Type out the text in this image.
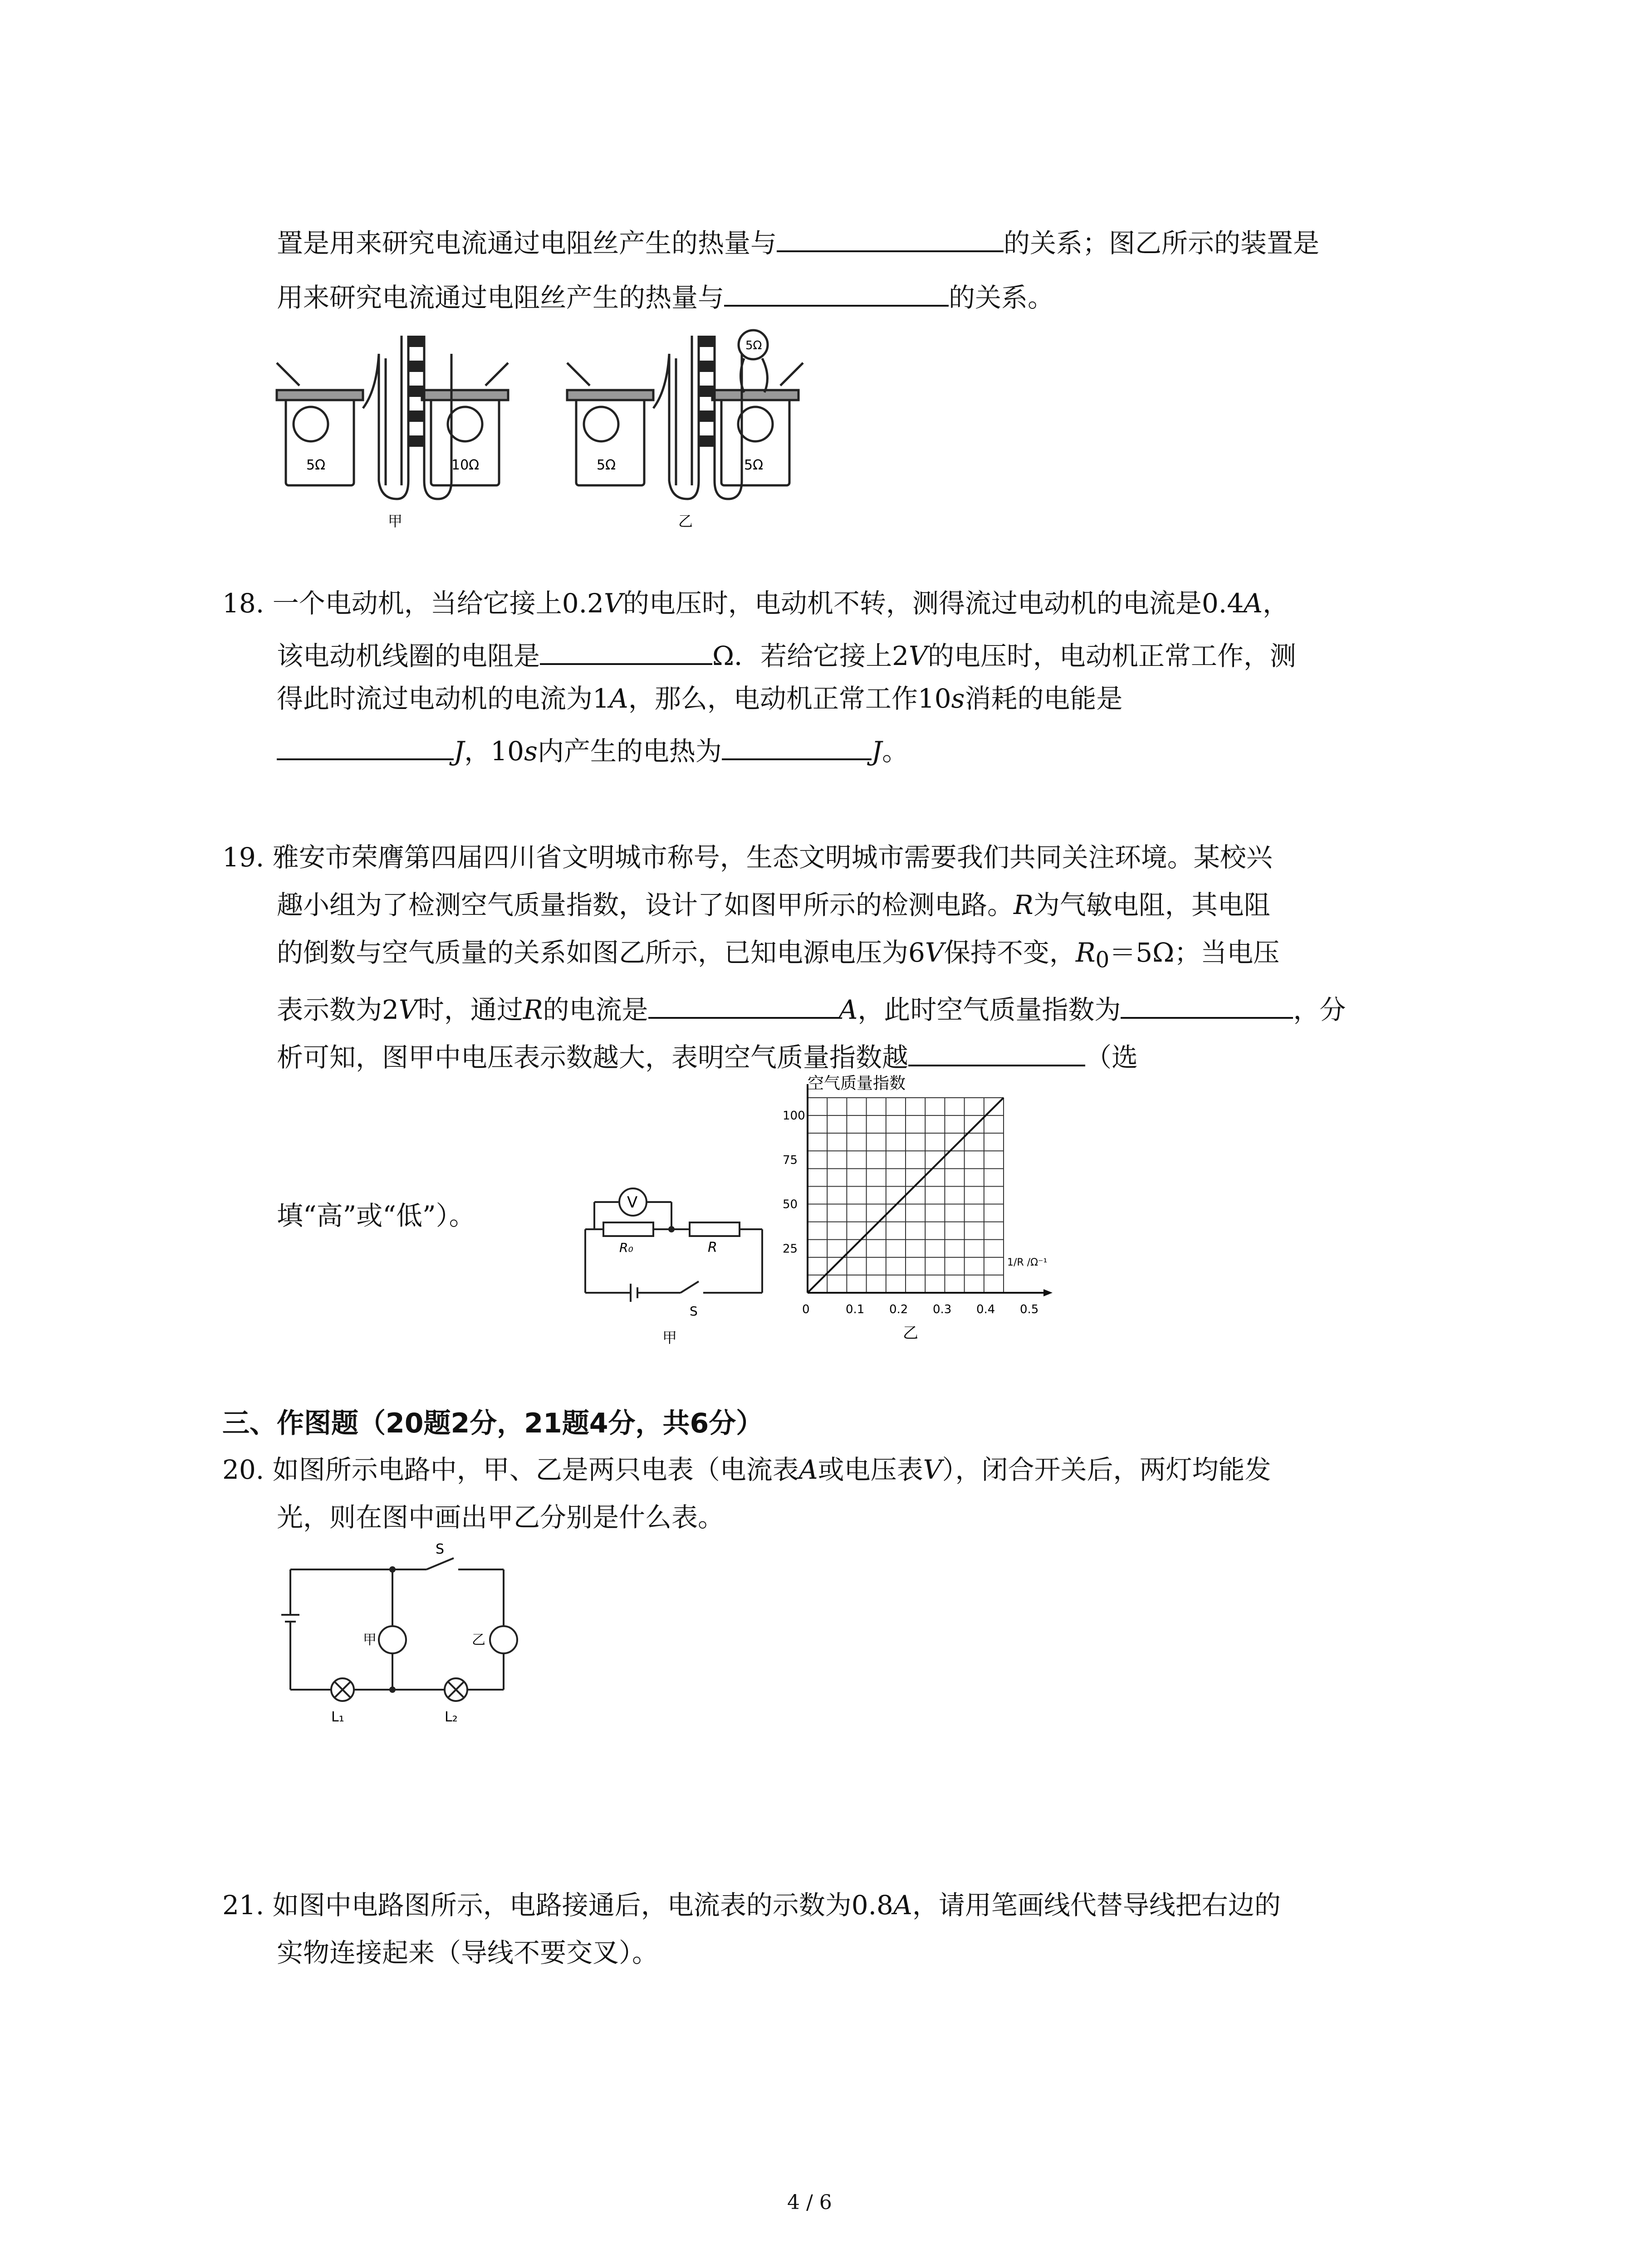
置是用来研究电流通过电阻丝产生的热量与	的关系；图乙所示的装置是
用来研究电流通过电阻丝产生的热量与	的关系。
5Ω	10Ω
甲
5Ω
5Ω	5Ω
乙
18. 一个电动机，当给它接上0.2V的电压时，电动机不转，测得流过电动机的电流是0.4A，
该电动机线圈的电阻是	Ω．若给它接上2V的电压时，电动机正常工作，测
得此时流过电动机的电流为1A，那么，电动机正常工作10s消耗的电能是
J，10s内产生的电热为	J。
19. 雅安市荣膺第四届四川省文明城市称号，生态文明城市需要我们共同关注环境。某校兴
趣小组为了检测空气质量指数，设计了如图甲所示的检测电路。R为气敏电阻，其电阻
的倒数与空气质量的关系如图乙所示，已知电源电压为6V保持不变，$R_0=5\Omega$；当电压
表示数为2V时，通过R的电流是	A，此时空气质量指数为	，分
析可知，图甲中电压表示数越大，表明空气质量指数越	（选
填“高”或“低”）。	V
R₀	R
S
甲
0	0.1 0.2 0.3 0.4 0.5
25
50
75
100
空气质量指数
1/R /Ω⁻¹
乙
三、作图题（20题2分，21题4分，共6分）
20. 如图所示电路中，甲、乙是两只电表（电流表A或电压表V），闭合开关后，两灯均能发
光，则在图中画出甲乙分别是什么表。
S
甲	乙
L₁	L₂
21. 如图中电路图所示，电路接通后，电流表的示数为0.8A，请用笔画线代替导线把右边的
实物连接起来（导线不要交叉）。
4 / 6
